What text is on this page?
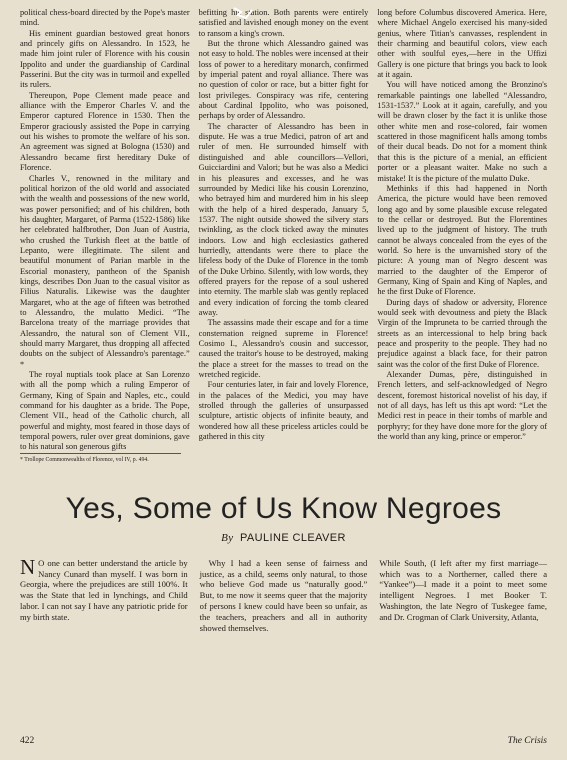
political chess-board directed by the Pope's master mind.

His eminent guardian bestowed great honors and princely gifts on Alessandro. In 1523, he made him joint ruler of Florence with his cousin Ippolito and under the guardianship of Cardinal Passerini. But the city was in turmoil and expelled its rulers.

Thereupon, Pope Clement made peace and alliance with the Emperor Charles V. and the Emperor captured Florence in 1530. Then the Emperor graciously assisted the Pope in carrying out his wishes to promote the welfare of his son. An agreement was signed at Bologna (1530) and Alessandro became first hereditary Duke of Florence.

Charles V., renowned in the military and political horizon of the old world and associated with the wealth and possessions of the new world, was power personified; and of his children, both his daughter, Margaret, of Parma (1522-1586) like her celebrated halfbrother, Don Juan of Austria, who crushed the Turkish fleet at the battle of Lepanto, were illegitimate. The silent and beautiful monument of Parian marble in the Escorial monastery, pantheon of the Spanish kings, describes Don Juan to the casual visitor as Filius Naturalis. Likewise was the daughter Margaret, who at the age of fifteen was betrothed to Alessandro, the mulatto Medici. “The Barcelona treaty of the marriage provides that Alessandro, the natural son of Clement VII., should marry Margaret, thus dropping all affected doubts on the subject of Alessandro's parentage.” *

The royal nuptials took place at San Lorenzo with all the pomp which a ruling Emperor of Germany, King of Spain and Naples, etc., could command for his daughter as a bride. The Pope, Clement VII., head of the Catholic church, all powerful and mighty, most feared in those days of temporal powers, ruler over great dominions, gave to his natural son generous gifts

* Trollope Commonwealths of Florence, vol IV, p. 494.

befitting his station. Both parents were entirely satisfied and lavished enough money on the event to ransom a king's crown.

But the throne which Alessandro gained was not easy to hold. The nobles were incensed at their loss of power to a hereditary monarch, confirmed by imperial patent and royal alliance. There was no question of color or race, but a bitter fight for lost privileges. Conspiracy was rife, centering about Cardinal Ippolito, who was poisoned, perhaps by order of Alessandro.

The character of Alessandro has been in dispute. He was a true Medici, patron of art and ruler of men. He surrounded himself with distinguished and able councillors—Vellori, Guicciardini and Valori; but he was also a Medici in his pleasures and excesses, and he was surrounded by Medici like his cousin Lorenzino, who betrayed him and murdered him in his sleep with the help of a hired desperado, January 5, 1537. The night outside showed the silvery stars twinkling, as the clock ticked away the minutes indoors. Low and high ecclesiastics gathered hurriedly, attendants were there to place the lifeless body of the Duke of Florence in the tomb of the Duke Urbino. Silently, with low words, they offered prayers for the repose of a soul ushered into eternity. The marble slab was gently replaced and every indication of forcing the tomb cleared away.

The assassins made their escape and for a time consternation reigned supreme in Florence! Cosimo I., Alessandro's cousin and successor, caused the traitor's house to be destroyed, making the place a street for the masses to tread on the wretched regicide.

Four centuries later, in fair and lovely Florence, in the palaces of the Medici, you may have strolled through the galleries of unsurpassed sculpture, artistic objects of infinite beauty, and wondered how all these priceless articles could be gathered in this city

long before Columbus discovered America. Here, where Michael Angelo exercised his many-sided genius, where Titian's canvasses, resplendent in their charming and beautiful colors, view each other with soulful eyes,—here in the Uffizi Gallery is one picture that brings you back to look at it again.

You will have noticed among the Bronzino's remarkable paintings one labelled “Alessandro, 1531-1537.” Look at it again, carefully, and you will be drawn closer by the fact it is unlike those other white men and rose-colored, fair women scattered in those magnificent halls among tombs of their ducal beads. Do not for a moment think that this is the picture of a menial, an efficient porter or a pleasant waiter. Make no such a mistake! It is the picture of the mulatto Duke.

Methinks if this had happened in North America, the picture would have been removed long ago and by some plausible excuse relegated to the cellar or destroyed. But the Florentines lived up to the judgment of history. The truth cannot be always concealed from the eyes of the world. So here is the unvarnished story of the picture: A young man of Negro descent was married to the daughter of the Emperor of Germany, King of Spain and King of Naples, and he the first Duke of Florence.

During days of shadow or adversity, Florence would seek with devoutness and piety the Black Virgin of the Impruneta to be carried through the streets as an intercessional to help bring back peace and prosperity to the people. They had no prejudice against a black face, for their patron saint was the color of the first Duke of Florence.

Alexander Dumas, père, distinguished in French letters, and self-acknowledged of Negro descent, foremost historical novelist of his day, if not of all days, has left us this apt word: “Let the Medici rest in peace in their tombs of marble and porphyry; for they have done more for the glory of the world than any king, prince or emperor.”

Yes, Some of Us Know Negroes
By PAULINE CLEAVER

N O one can better understand the article by Nancy Cunard than myself. I was born in Georgia, where the prejudices are still 100%. It was the State that led in lynchings, and Child labor. I can not say I have any patriotic pride for my birth state.

Why I had a keen sense of fairness and justice, as a child, seems only natural, to those who believe God made us “naturally good.” But, to me now it seems queer that the majority of persons I knew could have been so unfair, as the teachers, preachers and all in authority showed themselves.

While South, (I left after my first marriage—which was to a Northerner, called there a “Yankee”)—I made it a point to meet some intelligent Negroes. I met Booker T. Washington, the late Negro of Tuskegee fame, and Dr. Crogman of Clark University, Atlanta,

422	The Crisis
